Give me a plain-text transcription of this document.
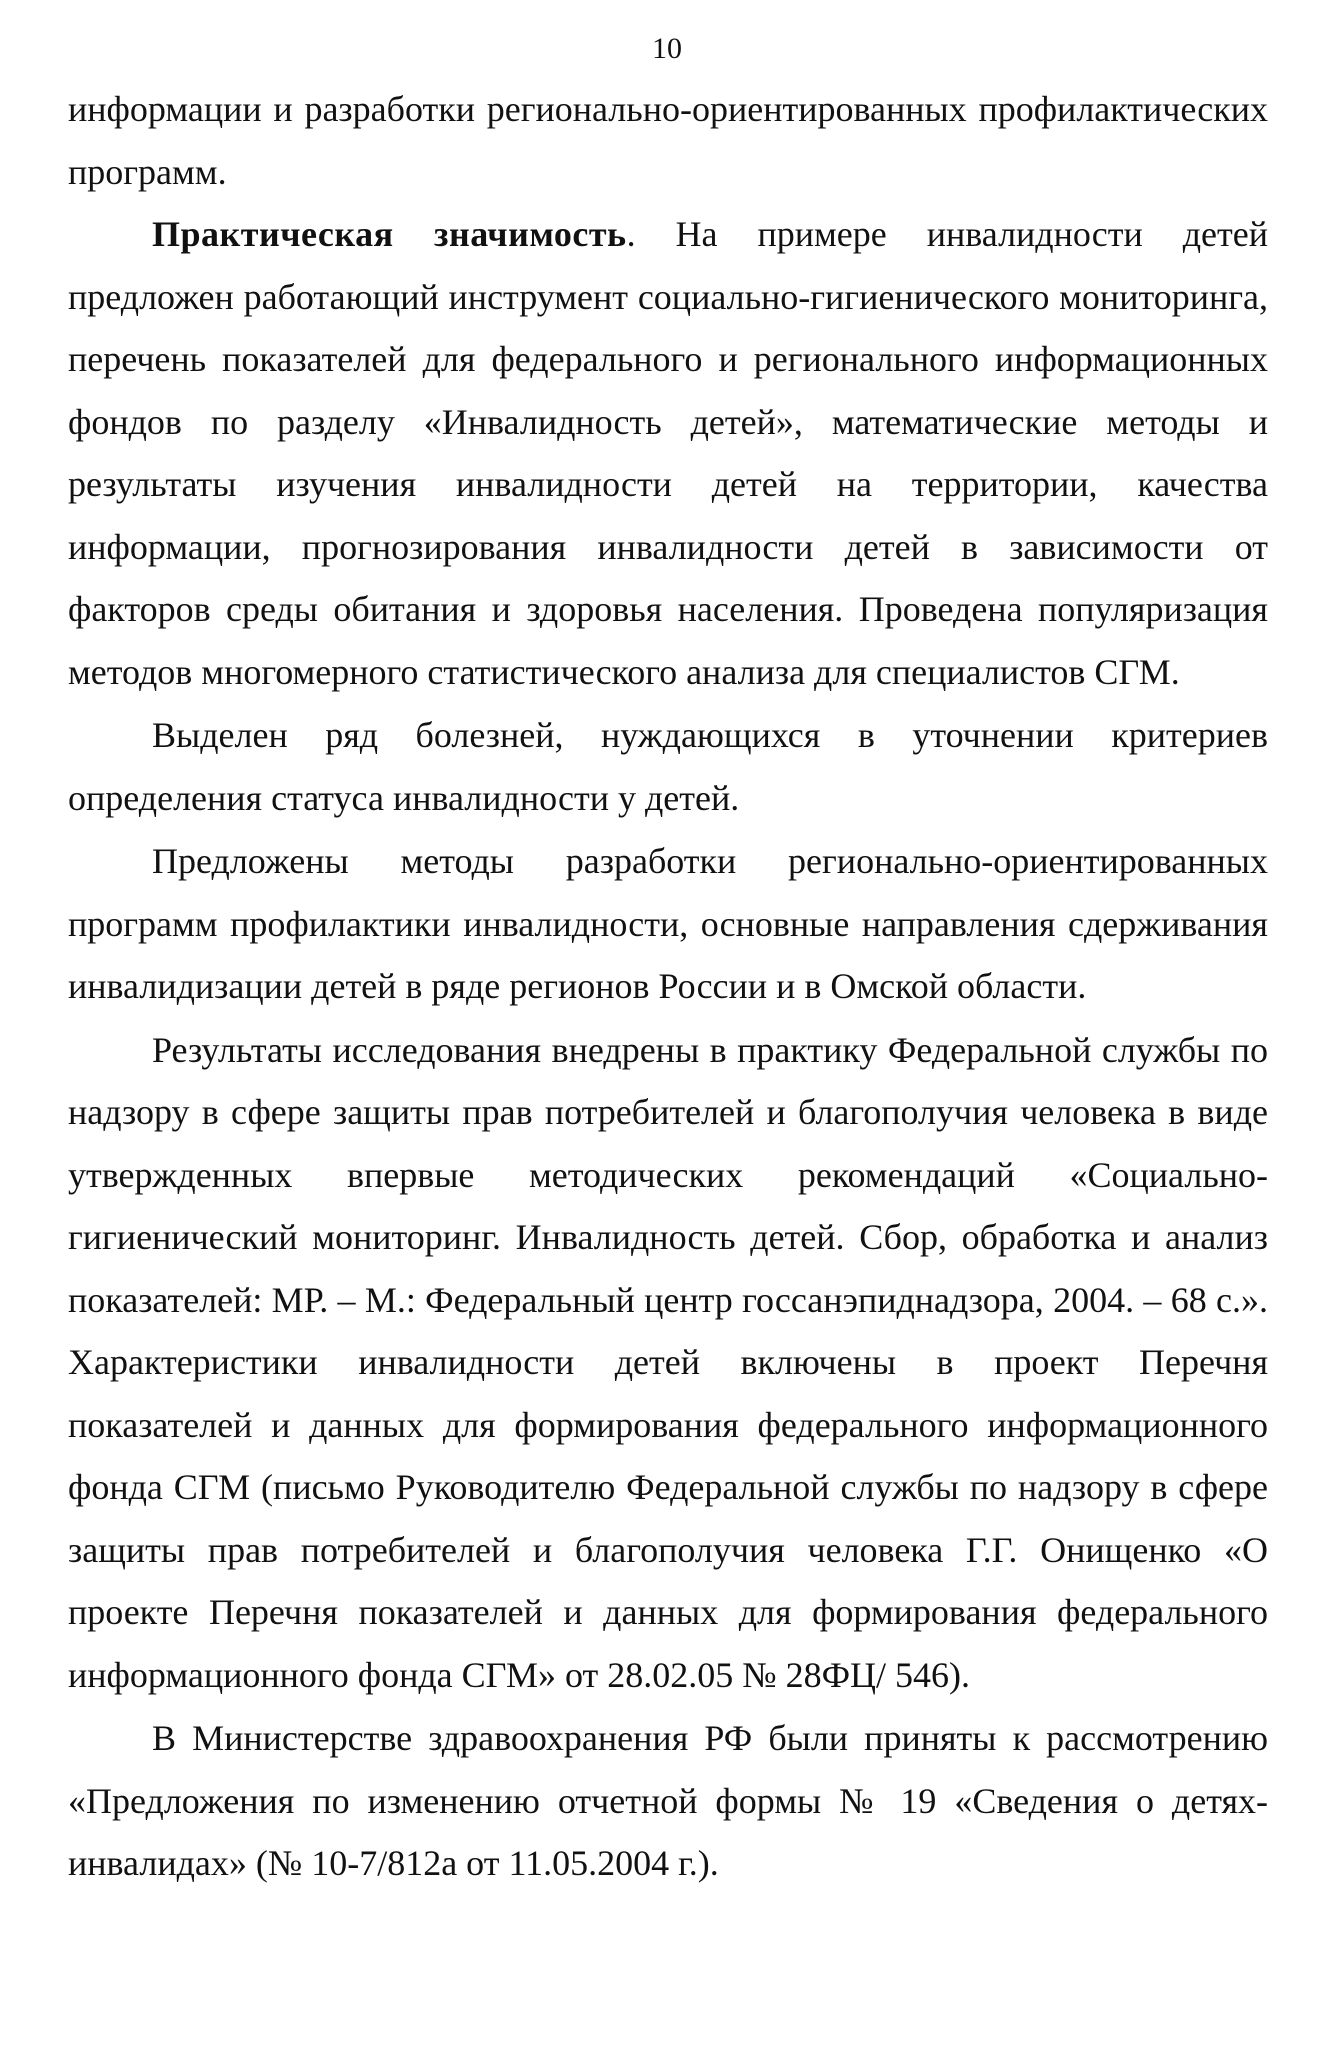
10

информации и разработки регионально-ориентированных профилактических программ.

Практическая значимость. На примере инвалидности детей предложен работающий инструмент социально-гигиенического мониторинга, перечень показателей для федерального и регионального информационных фондов по разделу «Инвалидность детей», математические методы и результаты изучения инвалидности детей на территории, качества информации, прогнозирования инвалидности детей в зависимости от факторов среды обитания и здоровья населения. Проведена популяризация методов многомерного статистического анализа для специалистов СГМ.

Выделен ряд болезней, нуждающихся в уточнении критериев определения статуса инвалидности у детей.

Предложены методы разработки регионально-ориентированных программ профилактики инвалидности, основные направления сдерживания инвалидизации детей в ряде регионов России и в Омской области.

Результаты исследования внедрены в практику Федеральной службы по надзору в сфере защиты прав потребителей и благополучия человека в виде утвержденных впервые методических рекомендаций «Социально-гигиенический мониторинг. Инвалидность детей. Сбор, обработка и анализ показателей: МР. – М.: Федеральный центр госсанэпиднадзора, 2004. – 68 с.». Характеристики инвалидности детей включены в проект Перечня показателей и данных для формирования федерального информационного фонда СГМ (письмо Руководителю Федеральной службы по надзору в сфере защиты прав потребителей и благополучия человека Г.Г. Онищенко «О проекте Перечня показателей и данных для формирования федерального информационного фонда СГМ» от 28.02.05 № 28ФЦ/ 546).

В Министерстве здравоохранения РФ были приняты к рассмотрению «Предложения по изменению отчетной формы № 19 «Сведения о детях-инвалидах» (№ 10-7/812а от 11.05.2004 г.).
